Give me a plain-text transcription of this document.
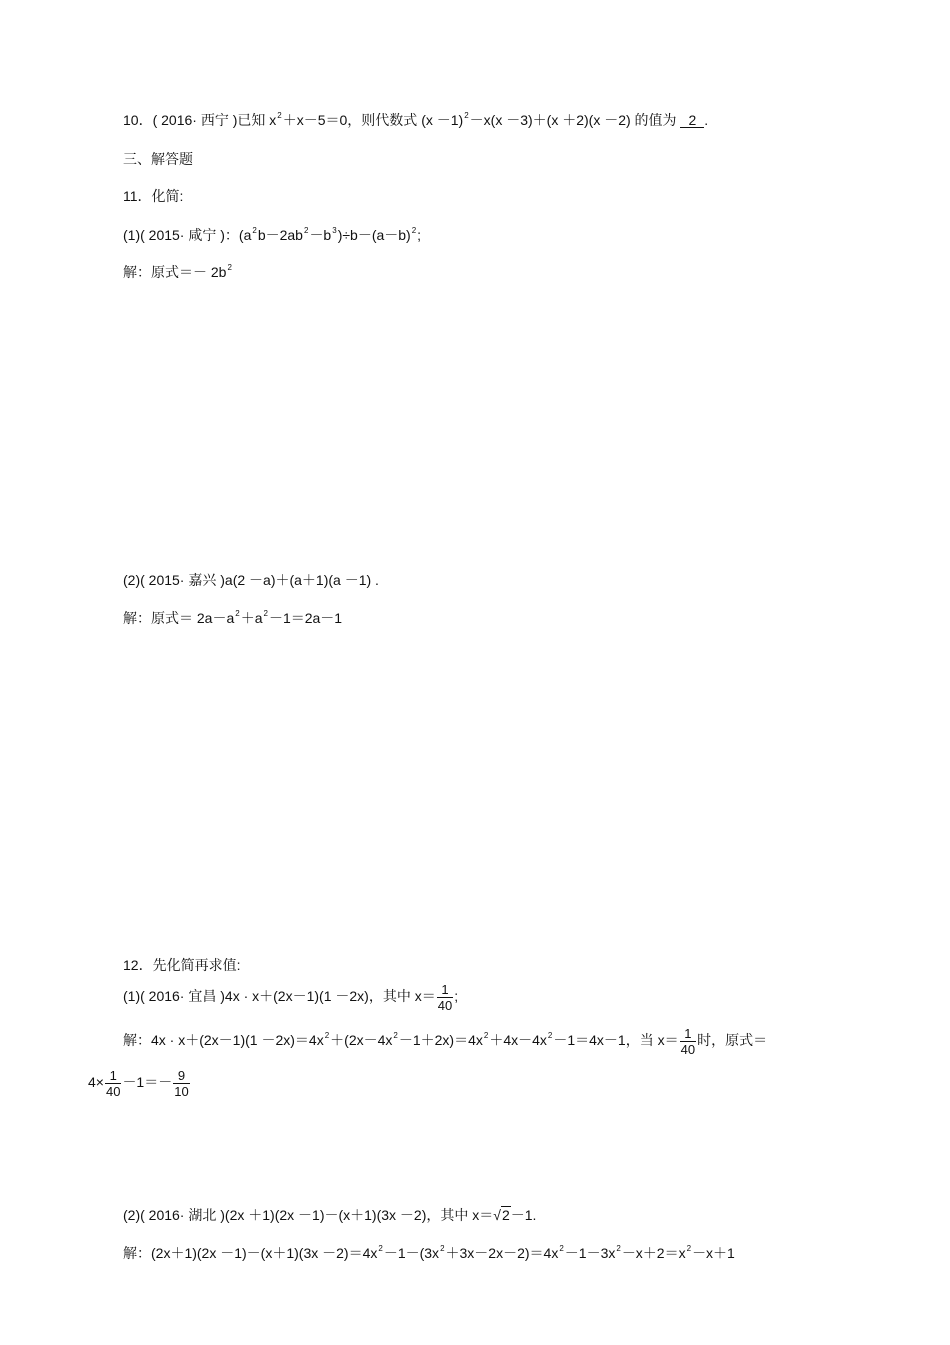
10．( 2016· 西宁 )已知 $x^2+x-5=0$，则代数式 $(x -1)^2-x(x -3)+(x +2)(x -2)$ 的值为 2 .
三、解答题
11．化简:
(1)( 2015· 咸宁 )：$(a^2b-2ab^2-b^3)\div b-(a-b)^2$;
解：原式＝－ $2b^2$
(2)( 2015· 嘉兴 )a(2 －a)＋(a＋1)(a －1) .
解：原式＝ $2a-a^2+a^2-1=2a-1$
12．先化简再求值:
(1)( 2016· 宜昌 )4x · x＋(2x－1)(1 －2x)，其中 $x= \frac{1}{40}$ ;
解：$4x \cdot x+(2x-1)(1 -2x)=4x^2+(2x-4x^2-1+2x)=4x^2+4x-4x^2-1=4x-1$，当 $x= \frac{1}{40}$ 时，原式＝
$4\times \frac{1}{40} -1=- \frac{9}{10}$
(2)( 2016· 湖北 )(2x ＋1)(2x －1)－(x＋1)(3x －2)，其中 x＝√2－1.
解：$(2x+1)(2x -1)-(x+1)(3x -2)=4x^2-1-(3x^2+3x-2x-2)=4x^2-1-3x^2-x+2=x^2-x+1$
